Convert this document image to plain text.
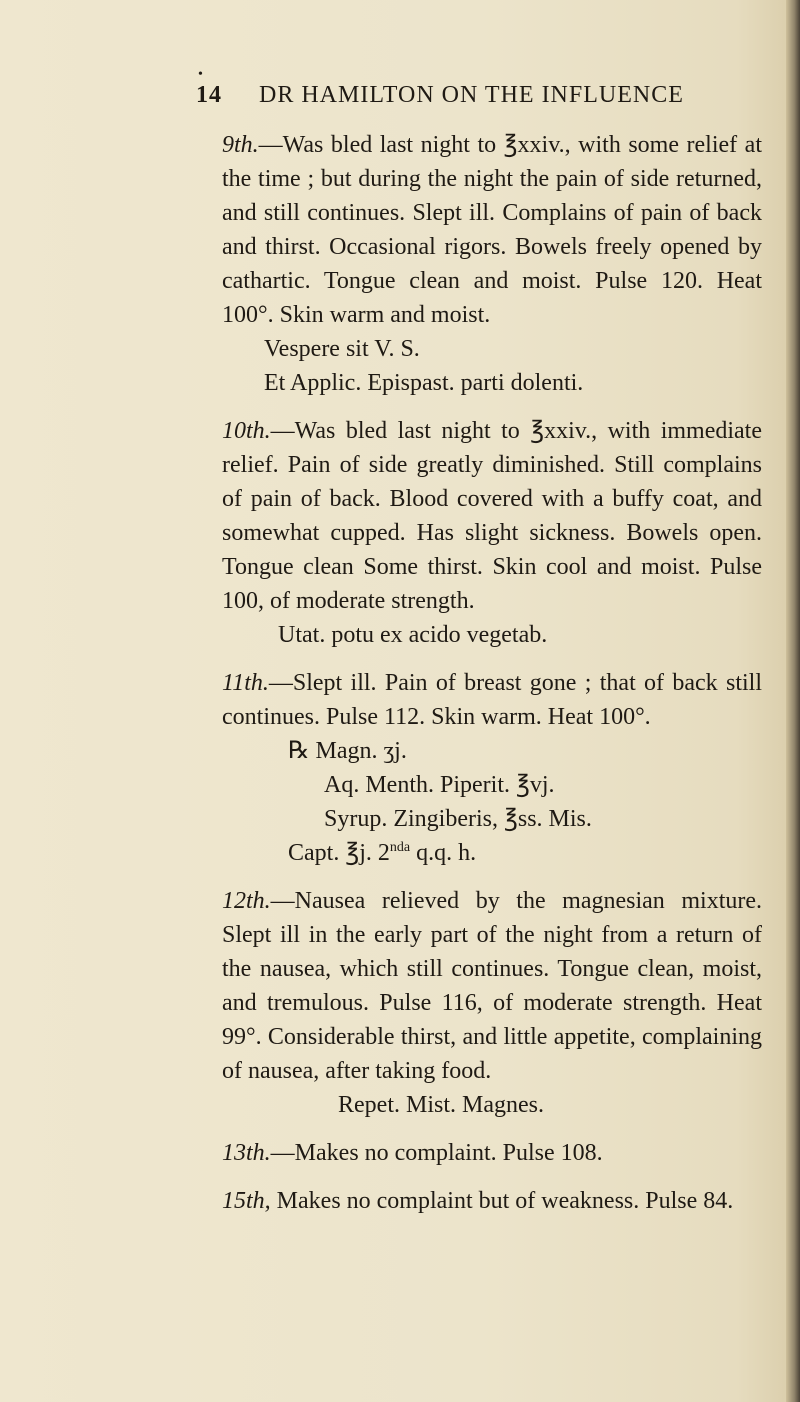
•
14 DR HAMILTON ON THE INFLUENCE

9th.—Was bled last night to ℥xxiv., with some relief at the time ; but during the night the pain of side returned, and still continues. Slept ill. Complains of pain of back and thirst. Occasional rigors. Bowels freely opened by cathartic. Tongue clean and moist. Pulse 120. Heat 100°. Skin warm and moist.

Vespere sit V. S.

Et Applic. Epispast. parti dolenti.

10th.—Was bled last night to ℥xxiv., with immediate relief. Pain of side greatly diminished. Still complains of pain of back. Blood covered with a buffy coat, and somewhat cupped. Has slight sickness. Bowels open. Tongue clean Some thirst. Skin cool and moist. Pulse 100, of moderate strength.

Utat. potu ex acido vegetab.

11th.—Slept ill. Pain of breast gone ; that of back still continues. Pulse 112. Skin warm. Heat 100°.

℞ Magn. ʒj.

Aq. Menth. Piperit. ℥vj.

Syrup. Zingiberis, ℥ss. Mis.

Capt. ℥j. $2^{nda}$ q.q. h.

12th.—Nausea relieved by the magnesian mixture. Slept ill in the early part of the night from a return of the nausea, which still continues. Tongue clean, moist, and tremulous. Pulse 116, of moderate strength. Heat 99°. Considerable thirst, and little appetite, complaining of nausea, after taking food.

Repet. Mist. Magnes.

13th.—Makes no complaint. Pulse 108.

15th, Makes no complaint but of weakness. Pulse 84.
